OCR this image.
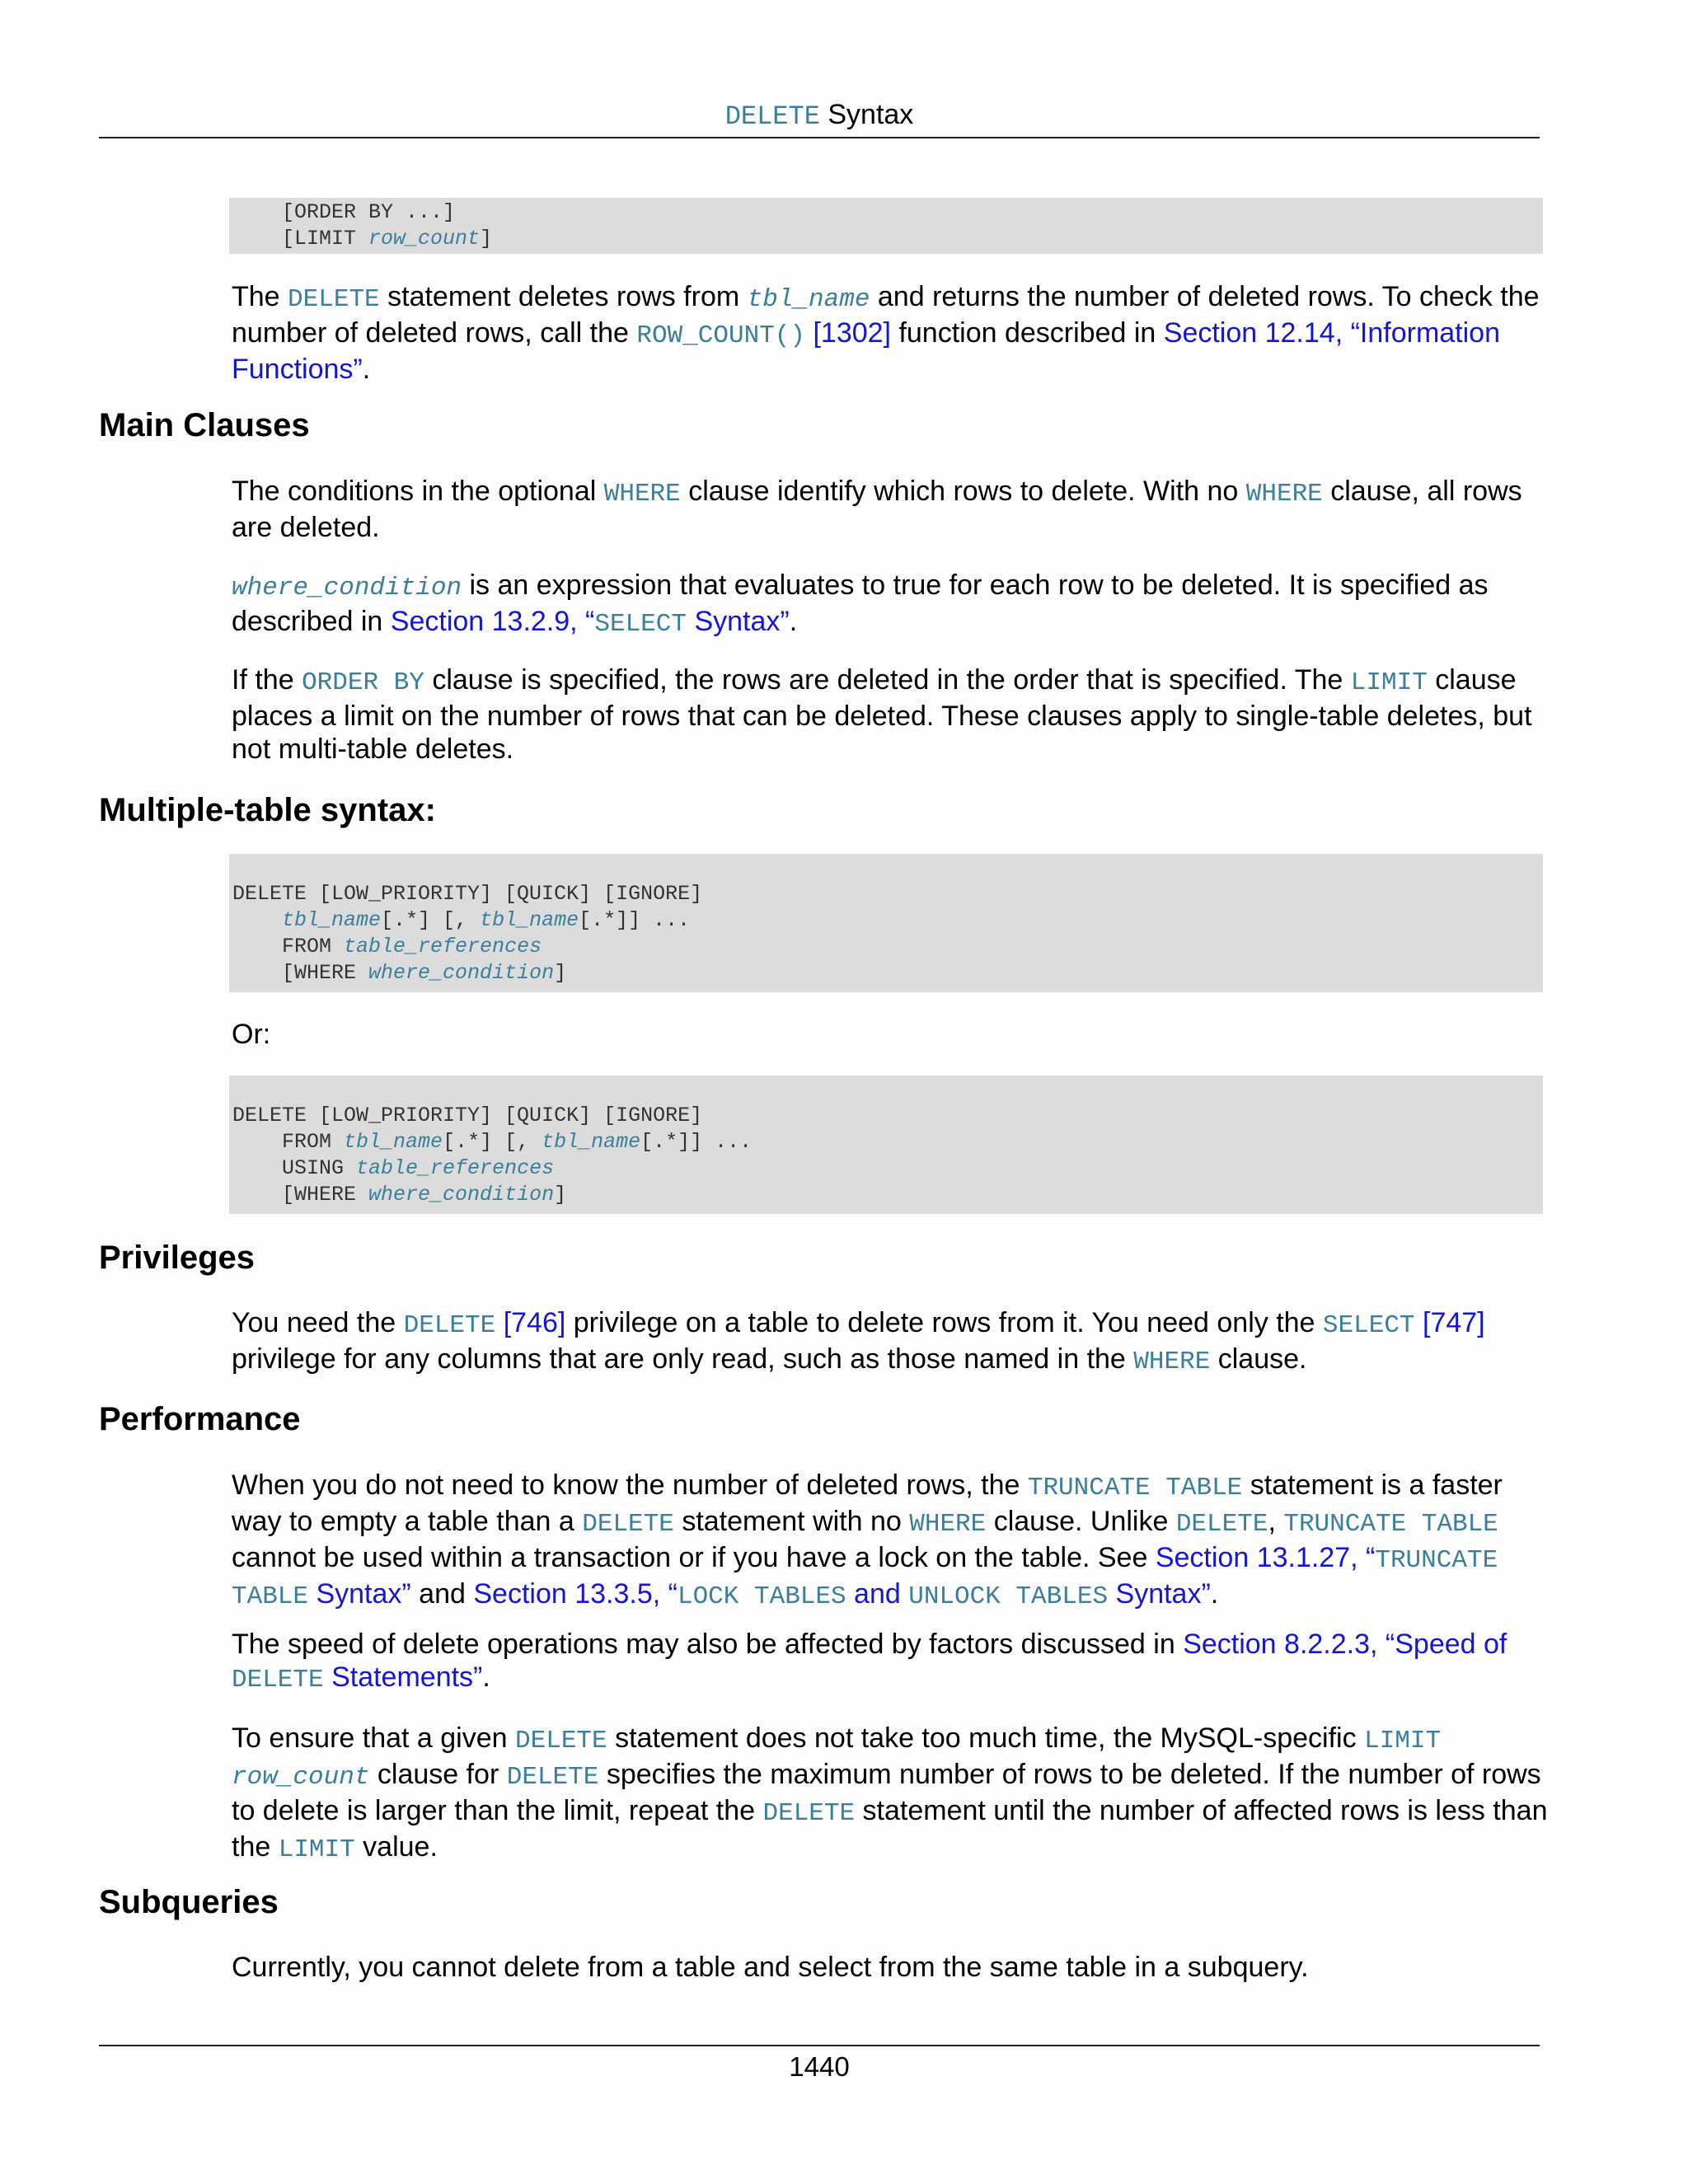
DELETE Syntax
[ORDER BY ...]
[LIMIT row_count]
The DELETE statement deletes rows from tbl_name and returns the number of deleted rows. To check the number of deleted rows, call the ROW_COUNT() [1302] function described in Section 12.14, “Information Functions”.
Main Clauses
The conditions in the optional WHERE clause identify which rows to delete. With no WHERE clause, all rows are deleted.
where_condition is an expression that evaluates to true for each row to be deleted. It is specified as described in Section 13.2.9, “SELECT Syntax”.
If the ORDER BY clause is specified, the rows are deleted in the order that is specified. The LIMIT clause places a limit on the number of rows that can be deleted. These clauses apply to single-table deletes, but not multi-table deletes.
Multiple-table syntax:
DELETE [LOW_PRIORITY] [QUICK] [IGNORE]
tbl_name[.*] [, tbl_name[.*]] ...
FROM table_references
[WHERE where_condition]
Or:
DELETE [LOW_PRIORITY] [QUICK] [IGNORE]
FROM tbl_name[.*] [, tbl_name[.*]] ...
USING table_references
[WHERE where_condition]
Privileges
You need the DELETE [746] privilege on a table to delete rows from it. You need only the SELECT [747] privilege for any columns that are only read, such as those named in the WHERE clause.
Performance
When you do not need to know the number of deleted rows, the TRUNCATE TABLE statement is a faster way to empty a table than a DELETE statement with no WHERE clause. Unlike DELETE, TRUNCATE TABLE cannot be used within a transaction or if you have a lock on the table. See Section 13.1.27, “TRUNCATE TABLE Syntax” and Section 13.3.5, “LOCK TABLES and UNLOCK TABLES Syntax”.
The speed of delete operations may also be affected by factors discussed in Section 8.2.2.3, “Speed of DELETE Statements”.
To ensure that a given DELETE statement does not take too much time, the MySQL-specific LIMIT row_count clause for DELETE specifies the maximum number of rows to be deleted. If the number of rows to delete is larger than the limit, repeat the DELETE statement until the number of affected rows is less than the LIMIT value.
Subqueries
Currently, you cannot delete from a table and select from the same table in a subquery.
1440
